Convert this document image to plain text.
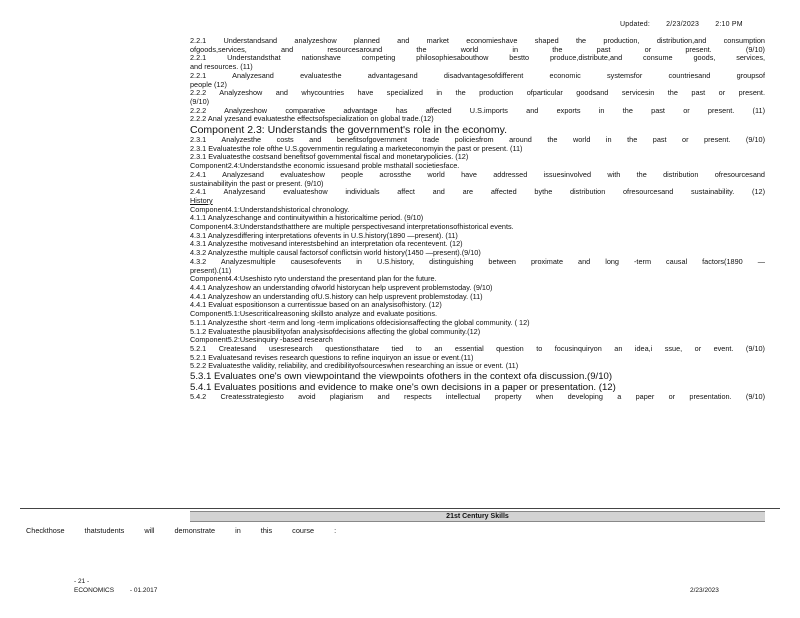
Updated: 2/23/2023 2:10 PM
2.2.1 Understandsand analyzeshow planned and market economieshave shaped the production, distribution,and consumption
ofgoods,services, and resourcesaround the world in the past or present. (9/10)
2.2.1 Understandsthat nationshave competing philosophiesabouthow bestto produce,distribute,and consume goods, services,
and resources. (11)
2.2.1 Analyzesand evaluatesthe advantagesand disadvantagesofdifferent economic systemsfor countriesand groupsof
people (12)
2.2.2 Analyzeshow and whycountries have specialized in the production ofparticular goodsand servicesin the past or present.
(9/10)
2.2.2 Analyzeshow comparative advantage has affected U.S.imports and exports in the past or present. (11)
2.2.2 Anal yzesand evaluatesthe effectsofspecialization on global trade.(12)
Component 2.3: Understands the government's role in the economy.
2.3.1 Analyzesthe costs and benefitsofgovernment trade policiesfrom around the world in the past or present. (9/10)
2.3.1 Evaluatesthe role ofthe U.S.governmentin regulating a marketeconomyin the past or present. (11)
2.3.1 Evaluatesthe costsand benefitsof governmental fiscal and monetarypolicies. (12)
Component2.4:Understandsthe economic issuesand proble msthatall societiesface.
2.4.1 Analyzesand evaluateshow people acrossthe world have addressed issuesinvolved with the distribution ofresourcesand
sustainabilityin the past or present. (9/10)
2.4.1 Analyzesand evaluateshow individuals affect and are affected bythe distribution ofresourcesand sustainability. (12)
History
Component4.1:Understandshistorical chronology.
4.1.1 Analyzeschange and continuitywithin a historicaltime period. (9/10)
Component4.3:Understandsthatthere are multiple perspectivesand interpretationsofhistorical events.
4.3.1 Analyzesdiffering interpretations ofevents in U.S.history(1890 —present). (11)
4.3.1 Analyzesthe motivesand interestsbehind an interpretation ofa recentevent. (12)
4.3.2 Analyzesthe multiple causal factorsof conflictsin world history(1450 —present).(9/10)
4.3.2 Analyzesmultiple causesofevents in U.S.history, distinguishing between proximate and long -term causal factors(1890 —
present).(11)
Component4.4:Useshisto ryto understand the presentand plan for the future.
4.4.1 Analyzeshow an understanding ofworld historycan help usprevent problemstoday. (9/10)
4.4.1 Analyzeshow an understanding ofU.S.history can help usprevent problemstoday. (11)
4.4.1 Evaluat espositionson a currentissue based on an analysisofhistory. (12)
Component5.1:Usescriticalreasoning skillsto analyze and evaluate positions.
5.1.1 Analyzesthe short -term and long -term implications ofdecisionsaffecting the global community. ( 12)
5.1.2 Evaluatesthe plausibilityofan analysisofdecisions affecting the global community.(12)
Component5.2:Usesinquiry -based research
5.2.1 Createsand usesresearch questionsthatare tied to an essential question to focusinquiryon an idea,i ssue, or event. (9/10)
5.2.1 Evaluatesand revises research questions to refine inquiryon an issue or event.(11)
5.2.2 Evaluatesthe validity, reliability, and credibilityofsourceswhen researching an issue or event. (11)
5.3.1 Evaluates one's own viewpointand the viewpoints ofothers in the context ofa discussion.(9/10)
5.4.1 Evaluates positions and evidence to make one's own decisions in a paper or presentation. (12)
5.4.2 Createsstrategiesto avoid plagiarism and respects intellectual property when developing a paper or presentation. (9/10)
21st Century Skills
Checkthose thatstudents will demonstrate in this course :
- 21 -
ECONOMICS - 01.2017	2/23/2023
